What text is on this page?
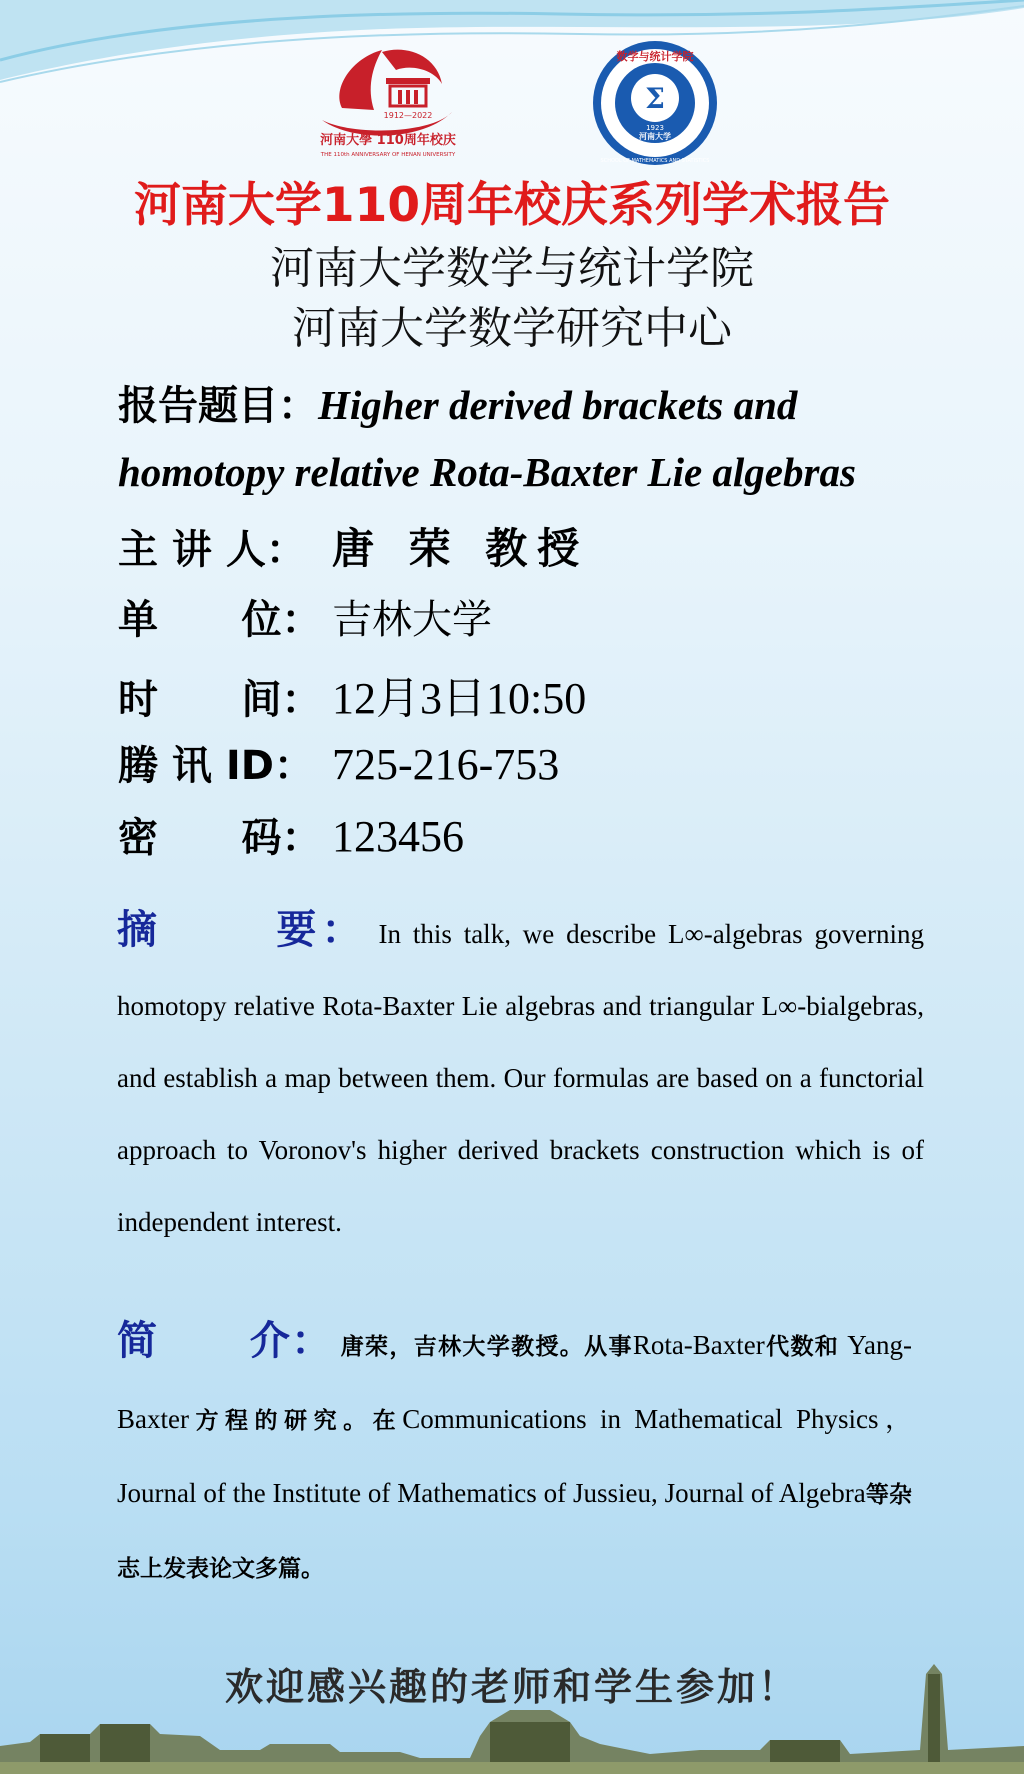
1912—2022
河南大學 110周年校庆
THE 110th ANNIVERSARY OF HENAN UNIVERSITY
Σ
1923
河南大学
数学与统计学院
SCHOOL OF MATHEMATICS AND STATISTICS
河南大学110周年校庆系列学术报告
河南大学数学与统计学院
河南大学数学研究中心
报告题目：Higher derived brackets and
homotopy relative Rota-Baxter Lie algebras
主 讲 人： 唐 荣 教授
单      位： 吉林大学
时      间： 12月3日10:50
腾 讯 ID： 725-216-753
密      码： 123456
摘      要： In this talk, we describe L∞-algebras governing homotopy relative Rota-Baxter Lie algebras and triangular L∞-bialgebras, and establish a map between them. Our formulas are based on a functorial approach to Voronov's higher derived brackets construction which is of independent interest.
简      介： 唐荣，吉林大学教授。从事Rota-Baxter代数和 Yang-Baxter方程的研究。在Communications in Mathematical Physics，Journal of the Institute of Mathematics of Jussieu, Journal of Algebra等杂志上发表论文多篇。
欢迎感兴趣的老师和学生参加！
